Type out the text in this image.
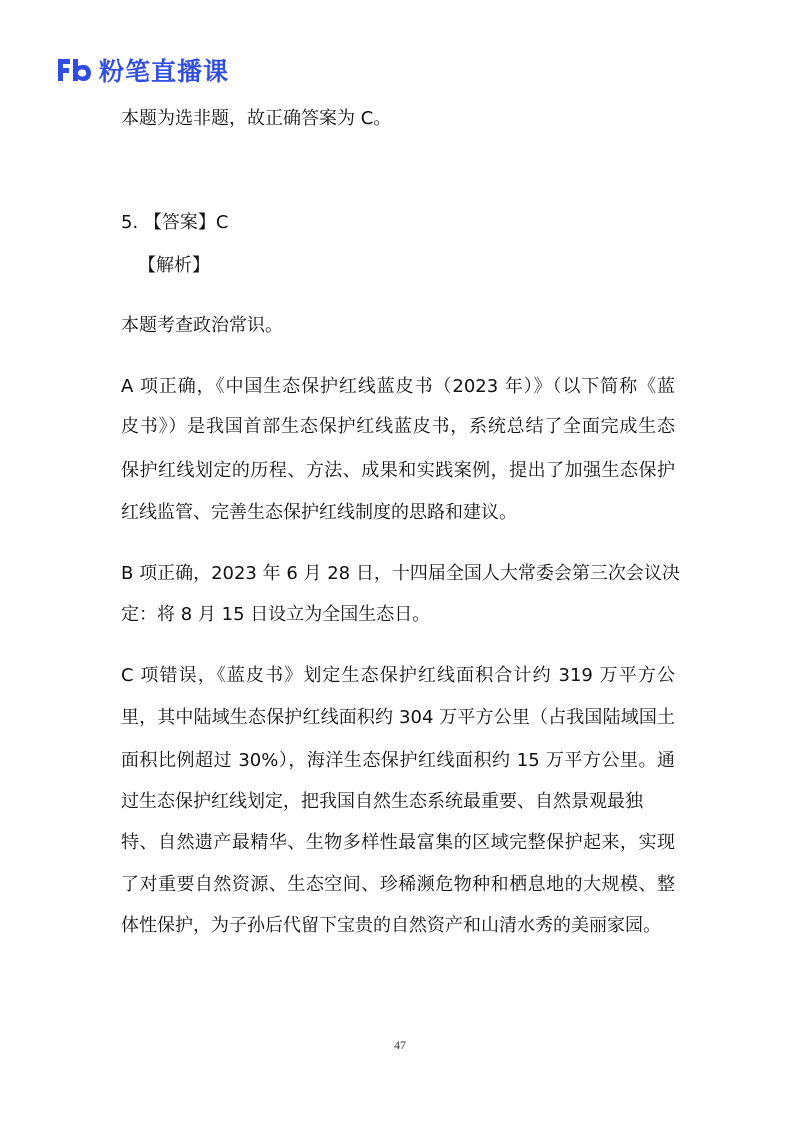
粉笔直播课
本题为选非题，故正确答案为 C。
5. 【答案】C
【解析】
本题考查政治常识。
A 项正确，《中国生态保护红线蓝皮书（2023 年）》（以下简称《蓝
皮书》）是我国首部生态保护红线蓝皮书，系统总结了全面完成生态
保护红线划定的历程、方法、成果和实践案例，提出了加强生态保护
红线监管、完善生态保护红线制度的思路和建议。
B 项正确，2023 年 6 月 28 日，十四届全国人大常委会第三次会议决
定：将 8 月 15 日设立为全国生态日。
C 项错误，《蓝皮书》划定生态保护红线面积合计约 319 万平方公
里，其中陆域生态保护红线面积约 304 万平方公里（占我国陆域国土
面积比例超过 30%），海洋生态保护红线面积约 15 万平方公里。通
过生态保护红线划定，把我国自然生态系统最重要、自然景观最独
特、自然遗产最精华、生物多样性最富集的区域完整保护起来，实现
了对重要自然资源、生态空间、珍稀濒危物种和栖息地的大规模、整
体性保护，为子孙后代留下宝贵的自然资产和山清水秀的美丽家园。
47
